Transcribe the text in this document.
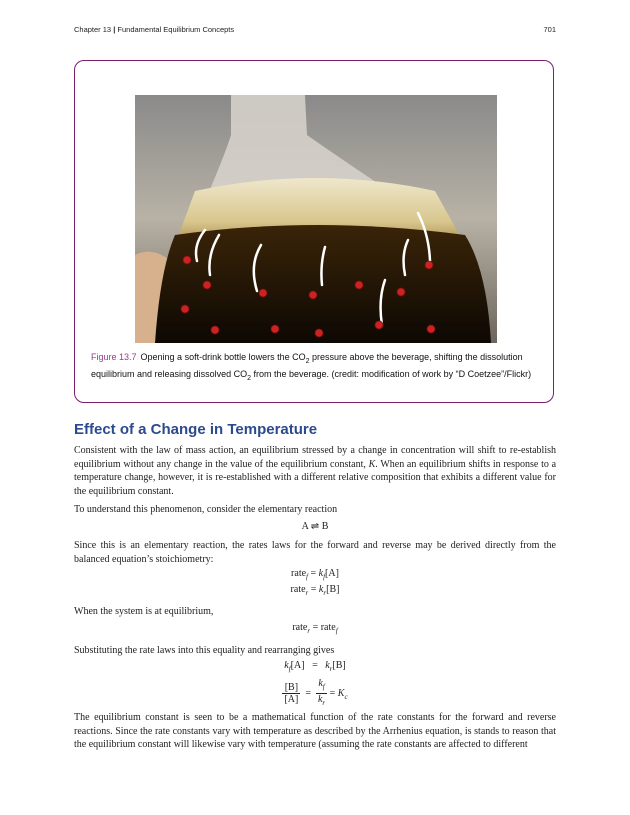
Chapter 13 | Fundamental Equilibrium Concepts	701
Figure 13.7 Opening a soft-drink bottle lowers the $CO_2$ pressure above the beverage, shifting the dissolution equilibrium and releasing dissolved $CO_2$ from the beverage. (credit: modification of work by “D Coetzee”/Flickr)
Effect of a Change in Temperature

Consistent with the law of mass action, an equilibrium stressed by a change in concentration will shift to re-establish equilibrium without any change in the value of the equilibrium constant, K. When an equilibrium shifts in response to a temperature change, however, it is re-established with a different relative composition that exhibits a different value for the equilibrium constant.

To understand this phenomenon, consider the elementary reaction

A ⇌ B

Since this is an elementary reaction, the rates laws for the forward and reverse may be derived directly from the balanced equation’s stoichiometry:

rate$_f$ = $k_f[A]$
rate$_r$ = $k_r[B]$

When the system is at equilibrium,

rate$_r$ = rate$_f$

Substituting the rate laws into this equality and rearranging gives

$k_f[A] = k_r[B]$
$\frac{[B]}{[A]} = \frac{k_f}{k_r} = K_c$

The equilibrium constant is seen to be a mathematical function of the rate constants for the forward and reverse reactions. Since the rate constants vary with temperature as described by the Arrhenius equation, is stands to reason that the equilibrium constant will likewise vary with temperature (assuming the rate constants are affected to different
